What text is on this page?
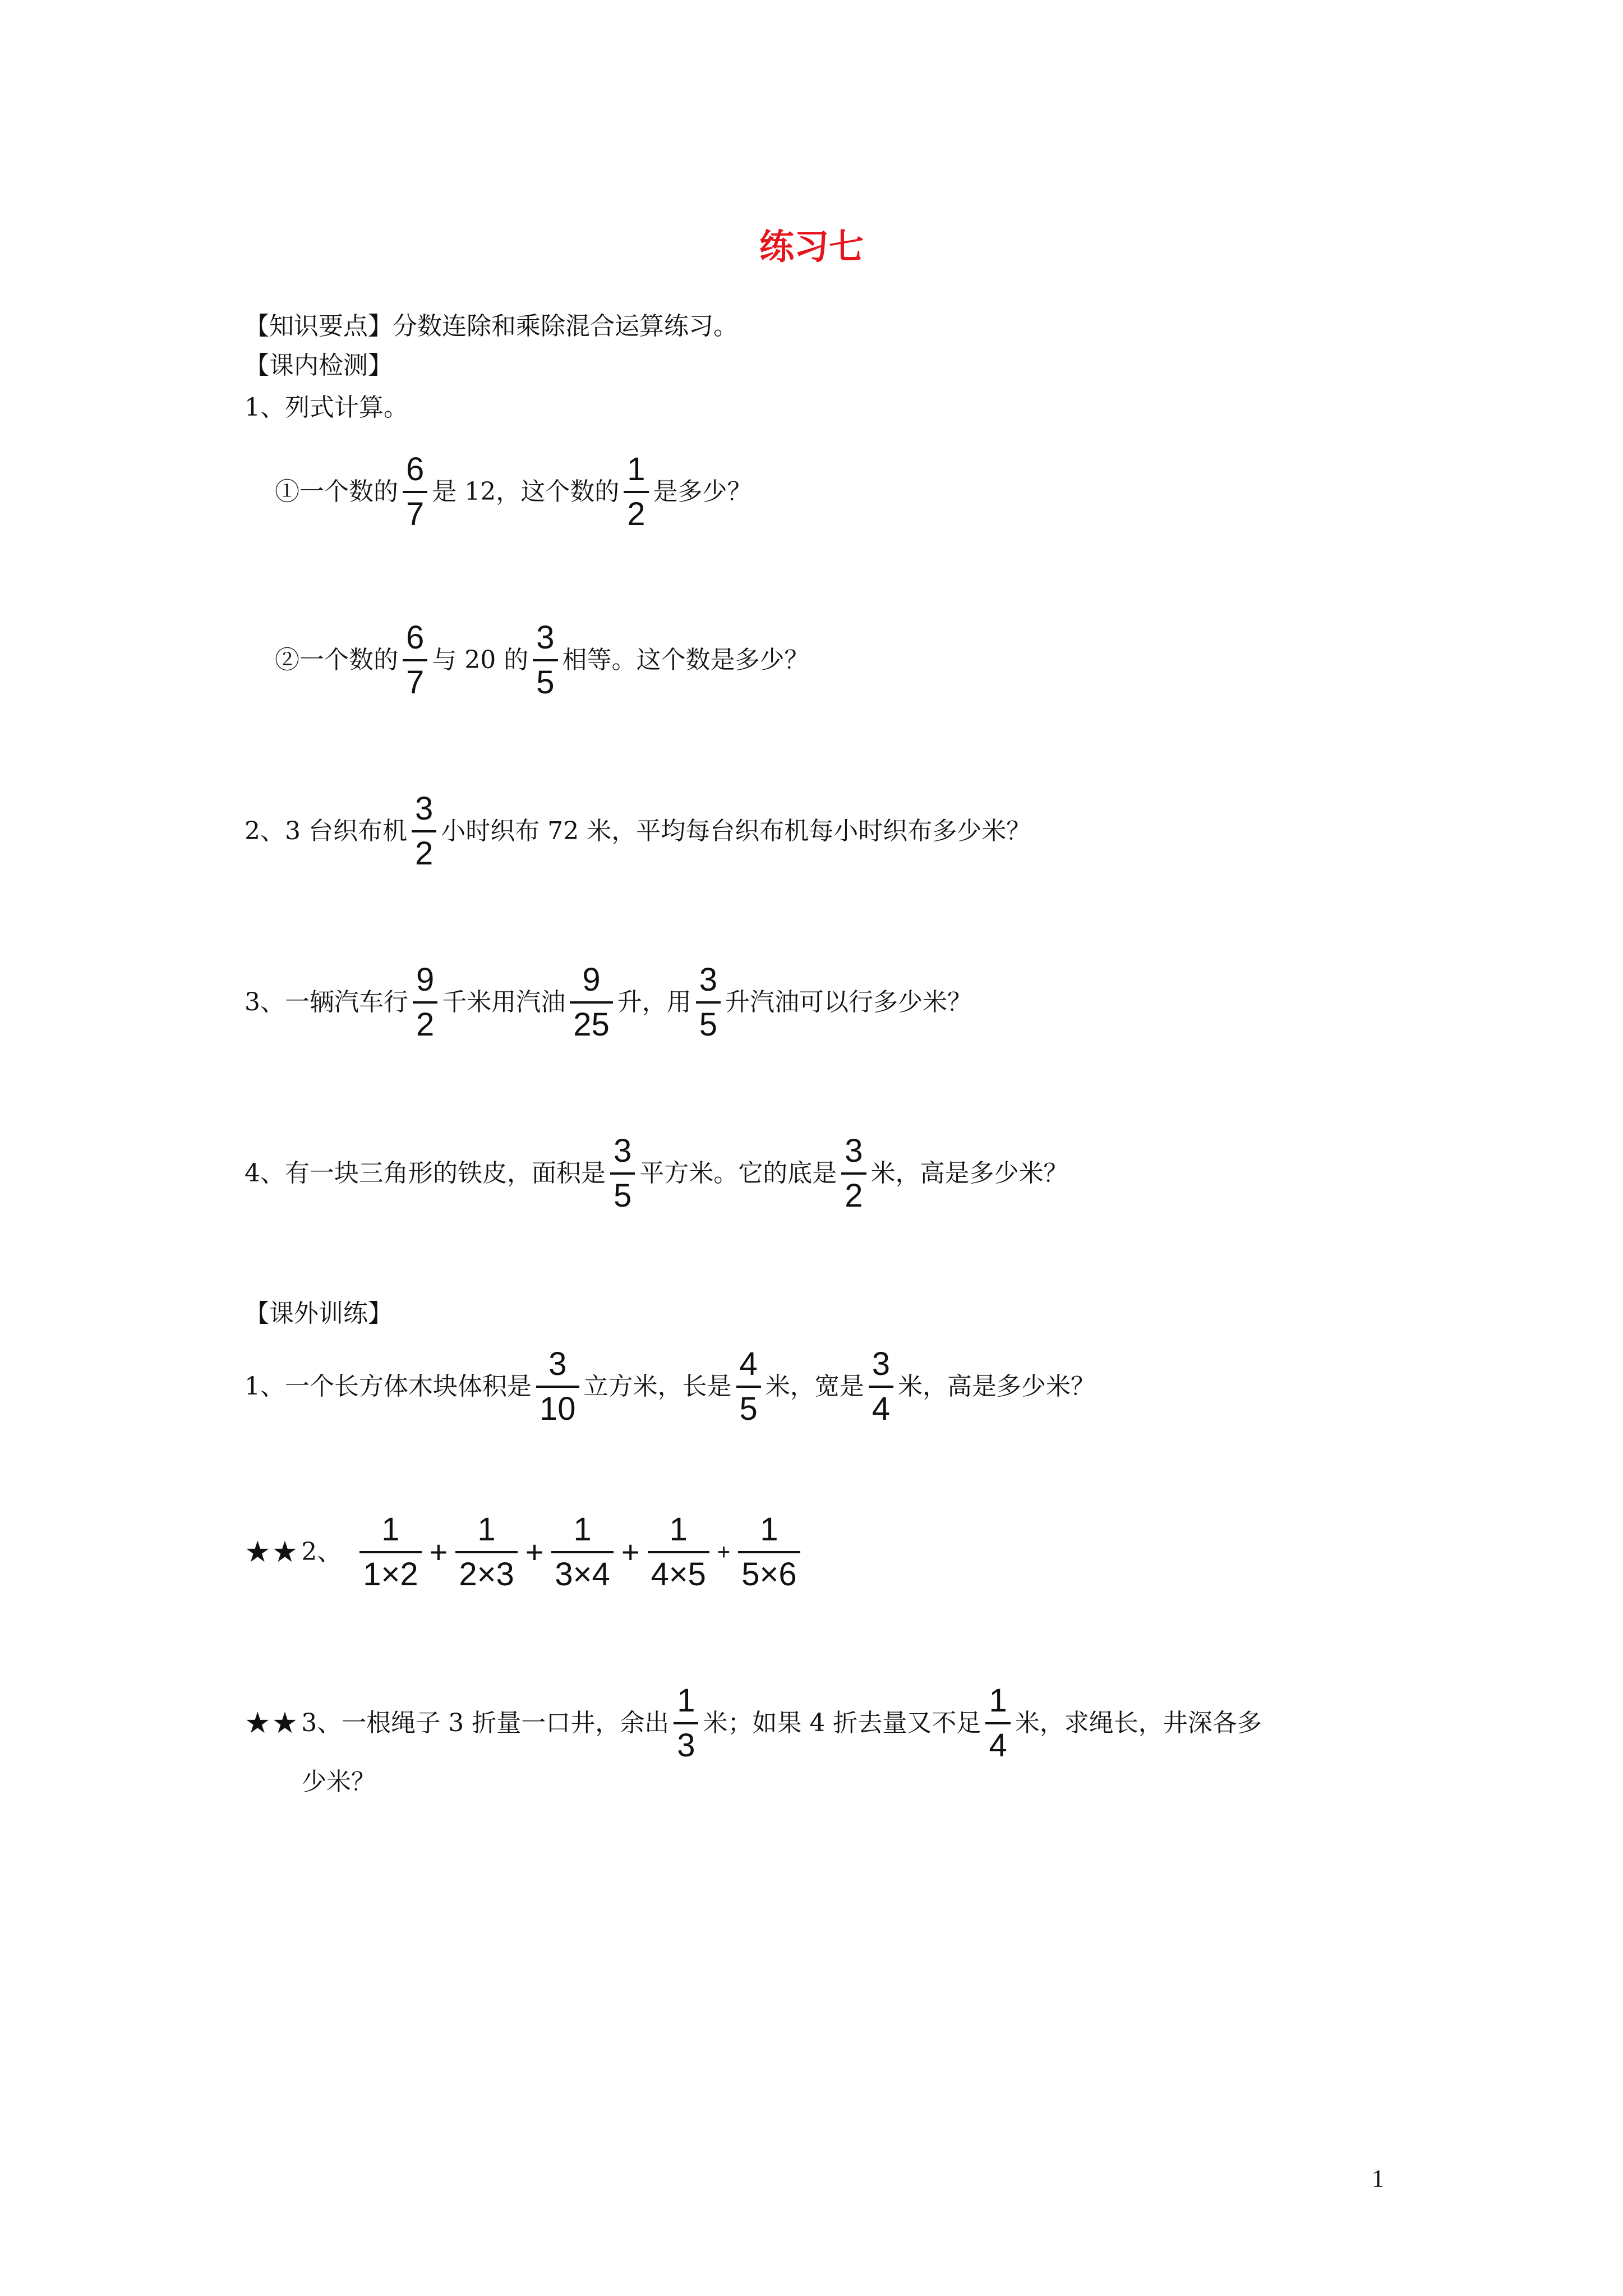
练习七
【知识要点】分数连除和乘除混合运算练习。
【课内检测】
1、列式计算。
①一个数的 $\frac{6}{7}$ 是 12，这个数的 $\frac{1}{2}$ 是多少？
②一个数的 $\frac{6}{7}$ 与 20 的 $\frac{3}{5}$ 相等。这个数是多少？
2、3 台织布机 $\frac{3}{2}$ 小时织布 72 米，平均每台织布机每小时织布多少米？
3、一辆汽车行 $\frac{9}{2}$ 千米用汽油 $\frac{9}{25}$ 升，用 $\frac{3}{5}$ 升汽油可以行多少米？
4、有一块三角形的铁皮，面积是 $\frac{3}{5}$ 平方米。它的底是 $\frac{3}{2}$ 米，高是多少米？
【课外训练】
1、一个长方体木块体积是 $\frac{3}{10}$ 立方米，长是 $\frac{4}{5}$ 米，宽是 $\frac{3}{4}$ 米，高是多少米？
★★ 2、 $\frac{1}{1\times 2} + \frac{1}{2\times 3} + \frac{1}{3\times 4} + \frac{1}{4\times 5} + \frac{1}{5\times 6}$
★★ 3、一根绳子 3 折量一口井，余出 $\frac{1}{3}$ 米；如果 4 折去量又不足 $\frac{1}{4}$ 米，求绳长，井深各多
少米？
1
